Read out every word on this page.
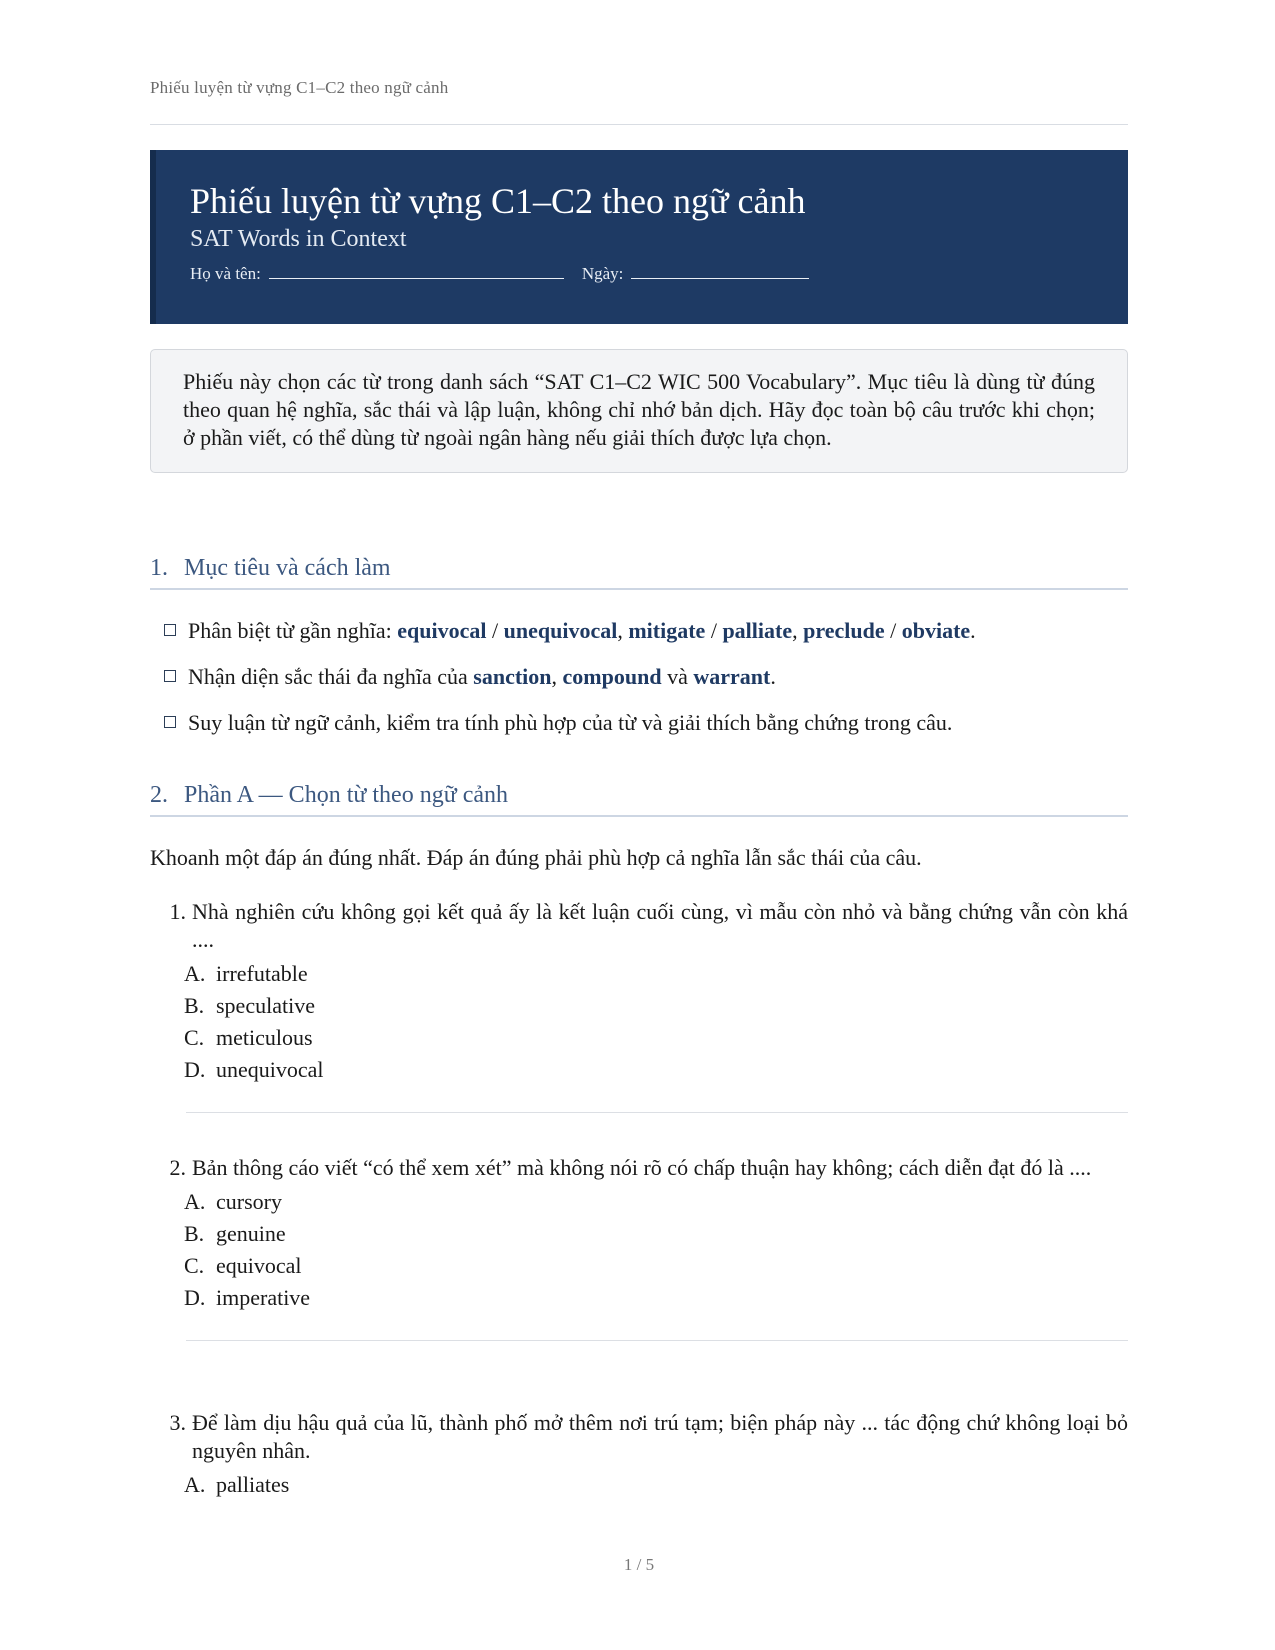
Phiếu luyện từ vựng C1–C2 theo ngữ cảnh
Phiếu luyện từ vựng C1–C2 theo ngữ cảnh
SAT Words in Context
Họ và tên:	Ngày:
Phiếu này chọn các từ trong danh sách “SAT C1–C2 WIC 500 Vocabulary”. Mục tiêu là dùng từ đúng theo quan hệ nghĩa, sắc thái và lập luận, không chỉ nhớ bản dịch. Hãy đọc toàn bộ câu trước khi chọn; ở phần viết, có thể dùng từ ngoài ngân hàng nếu giải thích được lựa chọn.
1. Mục tiêu và cách làm
Phân biệt từ gần nghĩa: equivocal / unequivocal, mitigate / palliate, preclude / obviate.
Nhận diện sắc thái đa nghĩa của sanction, compound và warrant.
Suy luận từ ngữ cảnh, kiểm tra tính phù hợp của từ và giải thích bằng chứng trong câu.
2. Phần A — Chọn từ theo ngữ cảnh
Khoanh một đáp án đúng nhất. Đáp án đúng phải phù hợp cả nghĩa lẫn sắc thái của câu.
1. Nhà nghiên cứu không gọi kết quả ấy là kết luận cuối cùng, vì mẫu còn nhỏ và bằng chứng vẫn còn khá ....
A. irrefutable
B. speculative
C. meticulous
D. unequivocal
2. Bản thông cáo viết “có thể xem xét” mà không nói rõ có chấp thuận hay không; cách diễn đạt đó là ....
A. cursory
B. genuine
C. equivocal
D. imperative
3. Để làm dịu hậu quả của lũ, thành phố mở thêm nơi trú tạm; biện pháp này ... tác động chứ không loại bỏ nguyên nhân.
A. palliates
1 / 5
